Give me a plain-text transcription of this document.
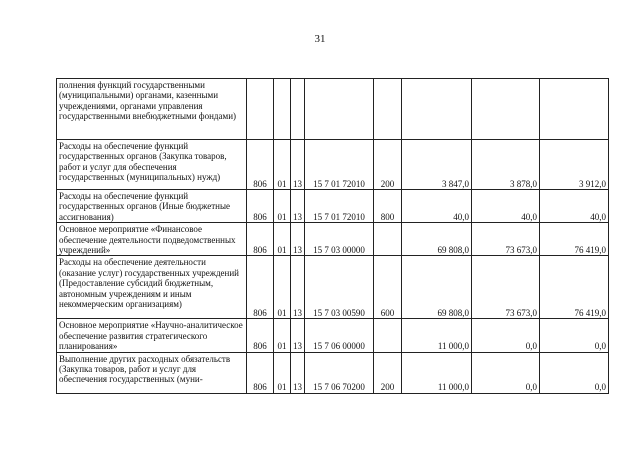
31
полнения функций государственными (муниципальными) органами, казенными учреждениями, органами управления государственными внебюджетными фондами)								
Расходы на обеспечение функций государственных органов (Закупка товаров, работ и услуг для обеспечения государственных (муниципальных) нужд)	806	01	13	15 7 01 72010	200	3 847,0	3 878,0	3 912,0
Расходы на обеспечение функций государственных органов (Иные бюджетные ассигнования)	806	01	13	15 7 01 72010	800	40,0	40,0	40,0
Основное мероприятие «Финансовое обеспечение деятельности подведомственных учреждений»	806	01	13	15 7 03 00000		69 808,0	73 673,0	76 419,0
Расходы на обеспечение деятельности (оказание услуг) государственных учреждений (Предоставление субсидий бюджетным, автономным учреждениям и иным некоммерческим организациям)	806	01	13	15 7 03 00590	600	69 808,0	73 673,0	76 419,0
Основное мероприятие «Научно-аналитическое обеспечение развития стратегического планирования»	806	01	13	15 7 06 00000		11 000,0	0,0	0,0
Выполнение других расходных обязательств (Закупка товаров, работ и услуг для обеспечения государственных (муни-	806	01	13	15 7 06 70200	200	11 000,0	0,0	0,0
